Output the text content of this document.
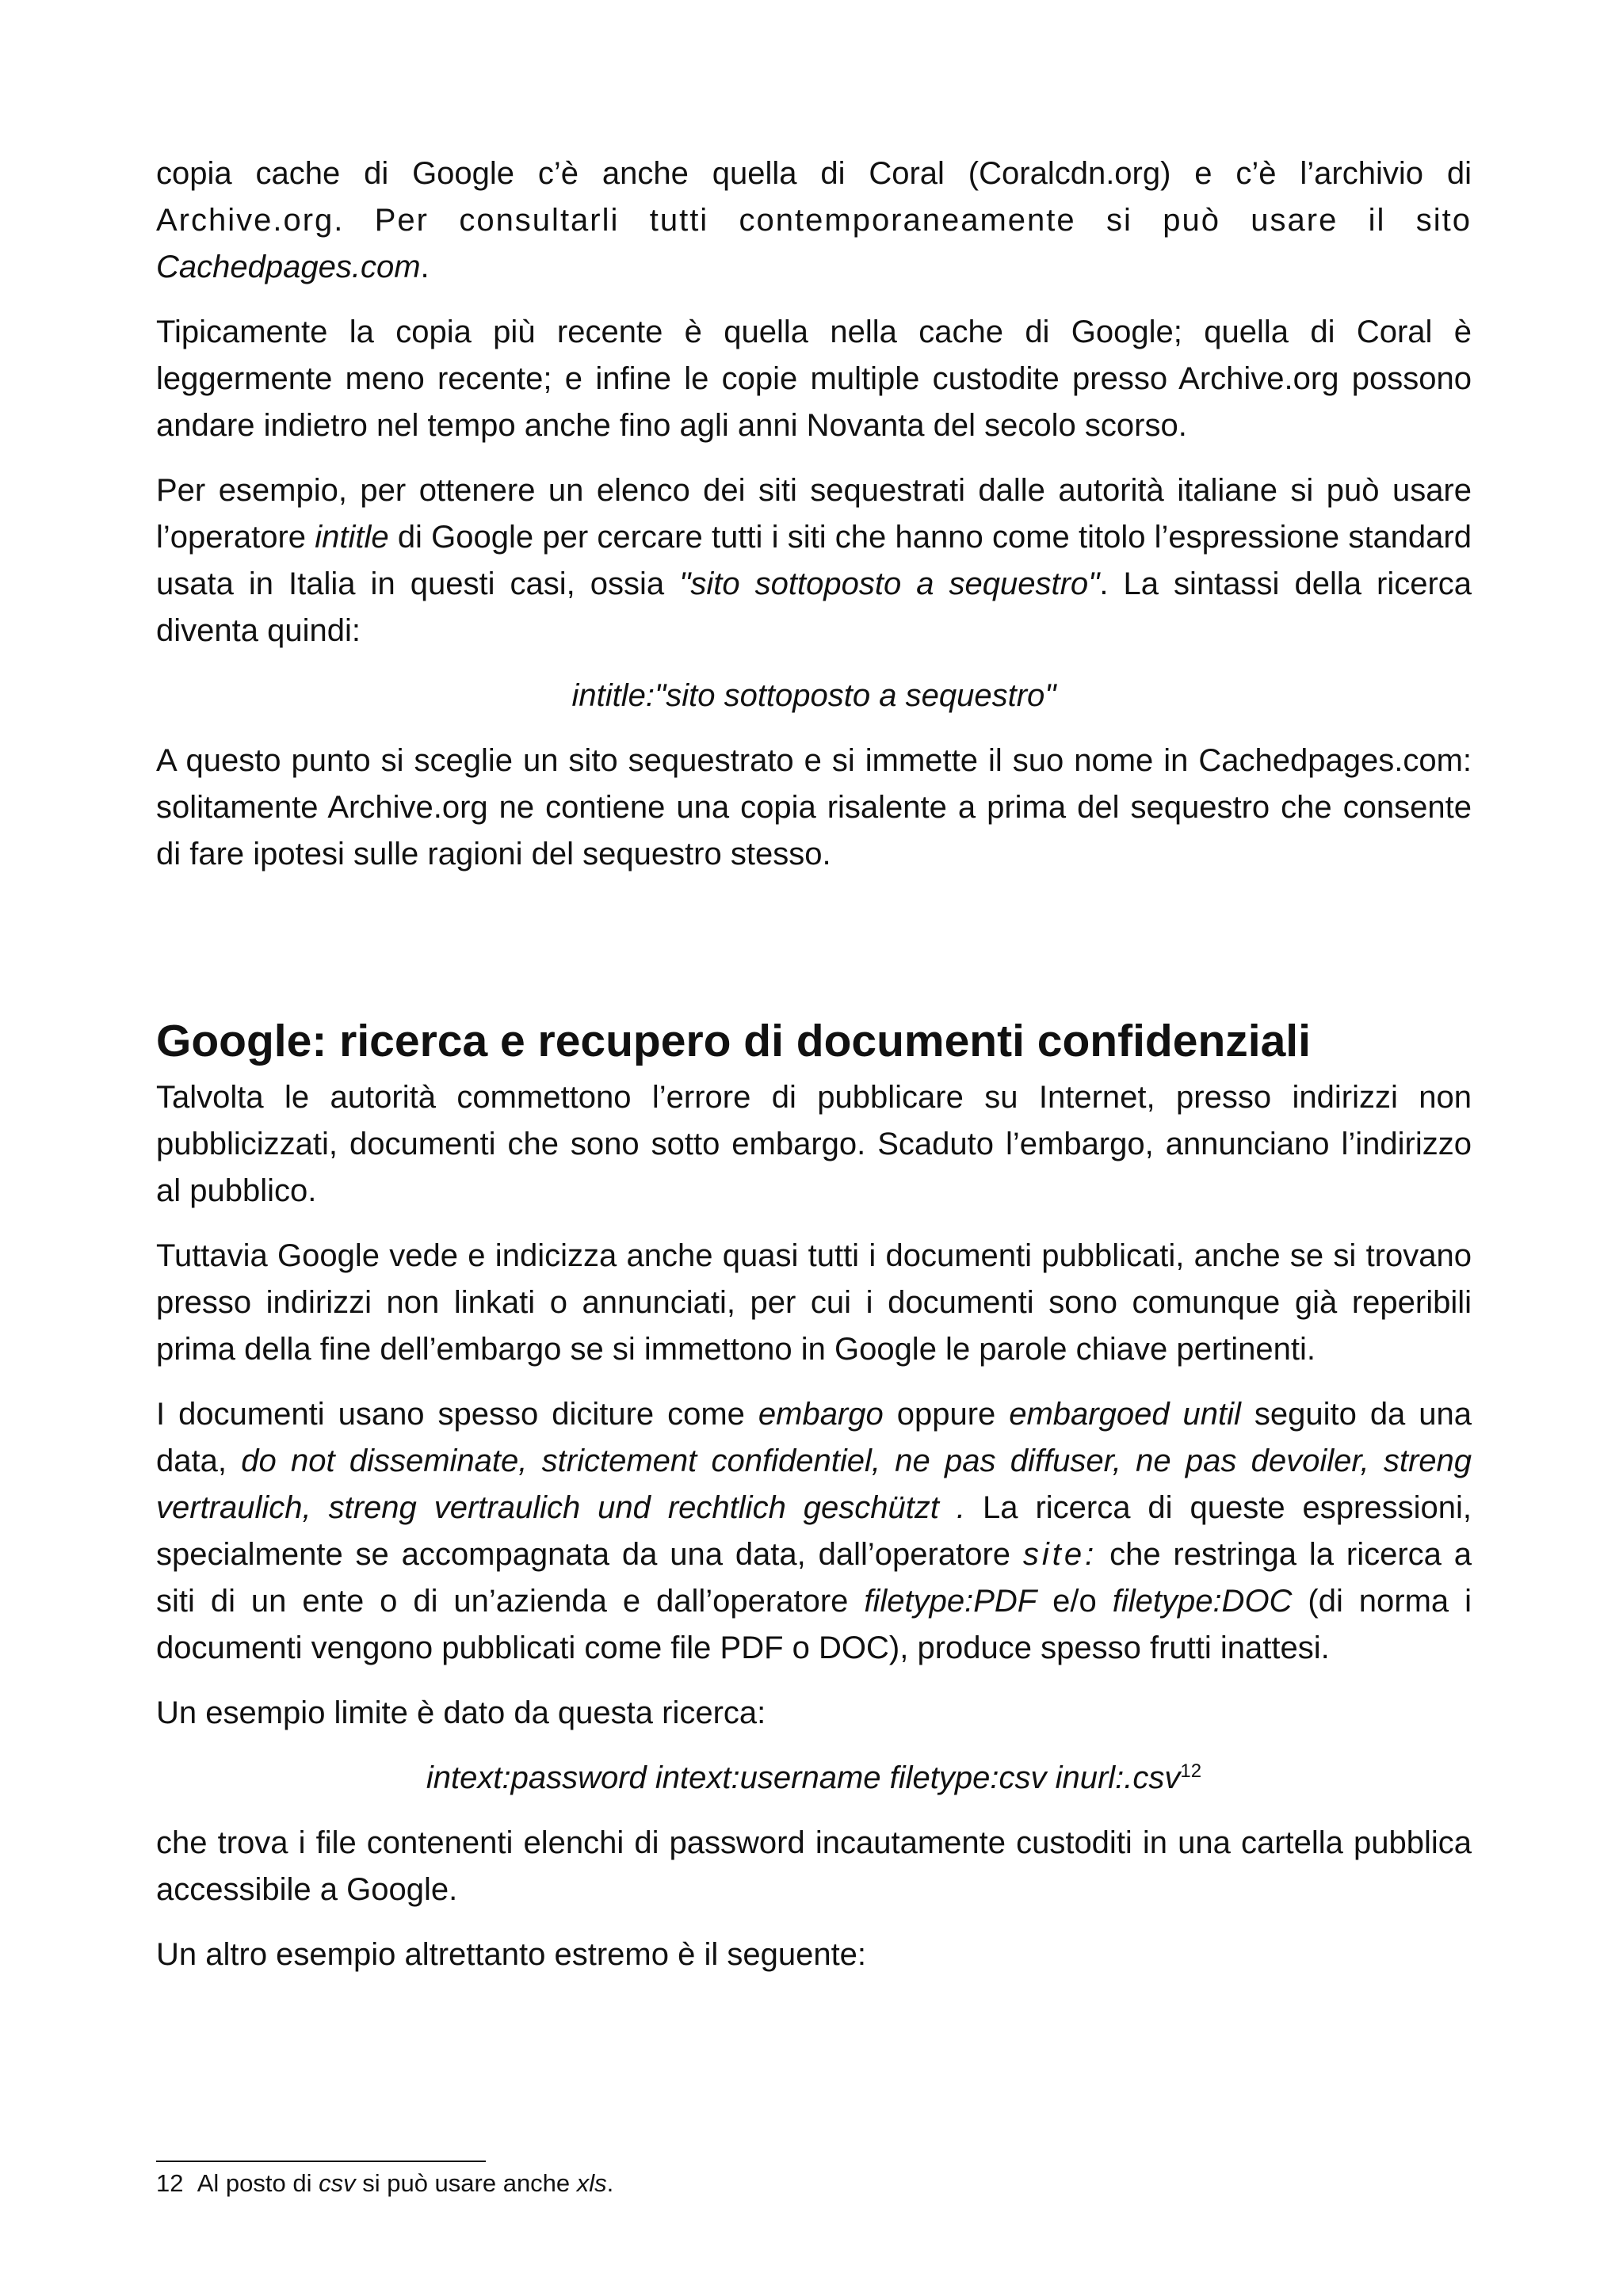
copia cache di Google c’è anche quella di Coral (Coralcdn.org) e c’è l’archivio di Archive.org. Per consultarli tutti contemporaneamente si può usare il sito Cachedpages.com.

Tipicamente la copia più recente è quella nella cache di Google; quella di Coral è leggermente meno recente; e infine le copie multiple custodite presso Archive.org possono andare indietro nel tempo anche fino agli anni Novanta del secolo scorso.

Per esempio, per ottenere un elenco dei siti sequestrati dalle autorità italiane si può usare l’operatore intitle di Google per cercare tutti i siti che hanno come titolo l’espressione standard usata in Italia in questi casi, ossia "sito sottoposto a sequestro". La sintassi della ricerca diventa quindi:

intitle:"sito sottoposto a sequestro"

A questo punto si sceglie un sito sequestrato e si immette il suo nome in Cachedpages.com: solitamente Archive.org ne contiene una copia risalente a prima del sequestro che consente di fare ipotesi sulle ragioni del sequestro stesso.

Google: ricerca e recupero di documenti confidenziali

Talvolta le autorità commettono l’errore di pubblicare su Internet, presso indirizzi non pubblicizzati, documenti che sono sotto embargo. Scaduto l’embargo, annunciano l’indirizzo al pubblico.

Tuttavia Google vede e indicizza anche quasi tutti i documenti pubblicati, anche se si trovano presso indirizzi non linkati o annunciati, per cui i documenti sono comunque già reperibili prima della fine dell’embargo se si immettono in Google le parole chiave pertinenti.

I documenti usano spesso diciture come embargo oppure embargoed until seguito da una data, do not disseminate, strictement confidentiel, ne pas diffuser, ne pas devoiler, streng vertraulich, streng vertraulich und rechtlich geschützt . La ricerca di queste espressioni, specialmente se accompagnata da una data, dall’operatore site: che restringa la ricerca a siti di un ente o di un’azienda e dall’operatore filetype:PDF e/o filetype:DOC (di norma i documenti vengono pubblicati come file PDF o DOC), produce spesso frutti inattesi.

Un esempio limite è dato da questa ricerca:

intext:password intext:username filetype:csv inurl:.csv$^{12}$

che trova i file contenenti elenchi di password incautamente custoditi in una cartella pubblica accessibile a Google.

Un altro esempio altrettanto estremo è il seguente:

12 Al posto di csv si può usare anche xls.
